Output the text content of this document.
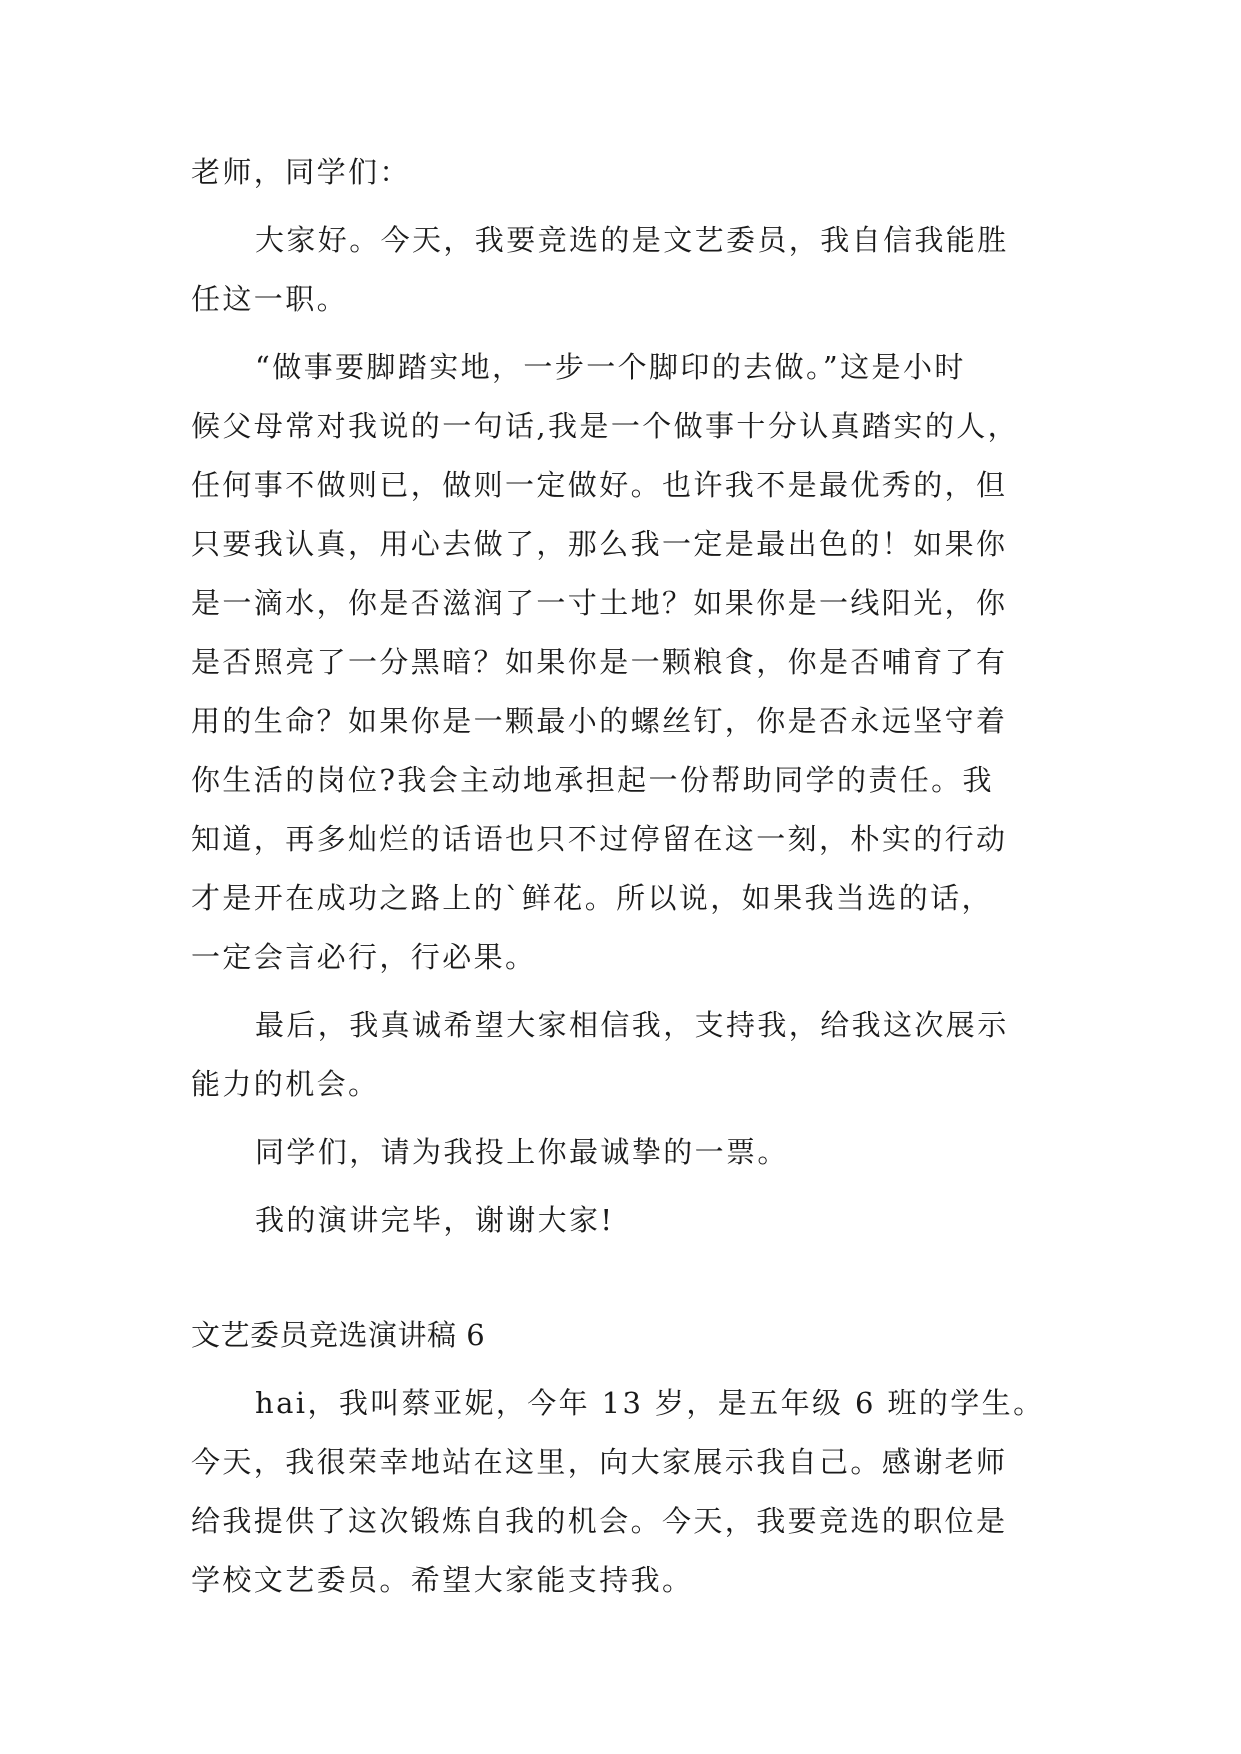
老师，同学们：
大家好。今天，我要竞选的是文艺委员，我自信我能胜
任这一职。
“做事要脚踏实地，一步一个脚印的去做。”这是小时
候父母常对我说的一句话,我是一个做事十分认真踏实的人，
任何事不做则已，做则一定做好。也许我不是最优秀的，但
只要我认真，用心去做了，那么我一定是最出色的！如果你
是一滴水，你是否滋润了一寸土地？如果你是一线阳光，你
是否照亮了一分黑暗？如果你是一颗粮食，你是否哺育了有
用的生命？如果你是一颗最小的螺丝钉，你是否永远坚守着
你生活的岗位?我会主动地承担起一份帮助同学的责任。我
知道，再多灿烂的话语也只不过停留在这一刻，朴实的行动
才是开在成功之路上的`鲜花。所以说，如果我当选的话，
一定会言必行，行必果。
最后，我真诚希望大家相信我，支持我，给我这次展示
能力的机会。
同学们，请为我投上你最诚挚的一票。
我的演讲完毕，谢谢大家!
文艺委员竞选演讲稿 6
hai，我叫蔡亚妮，今年 13 岁，是五年级 6 班的学生。
今天，我很荣幸地站在这里，向大家展示我自己。感谢老师
给我提供了这次锻炼自我的机会。今天，我要竞选的职位是
学校文艺委员。希望大家能支持我。
